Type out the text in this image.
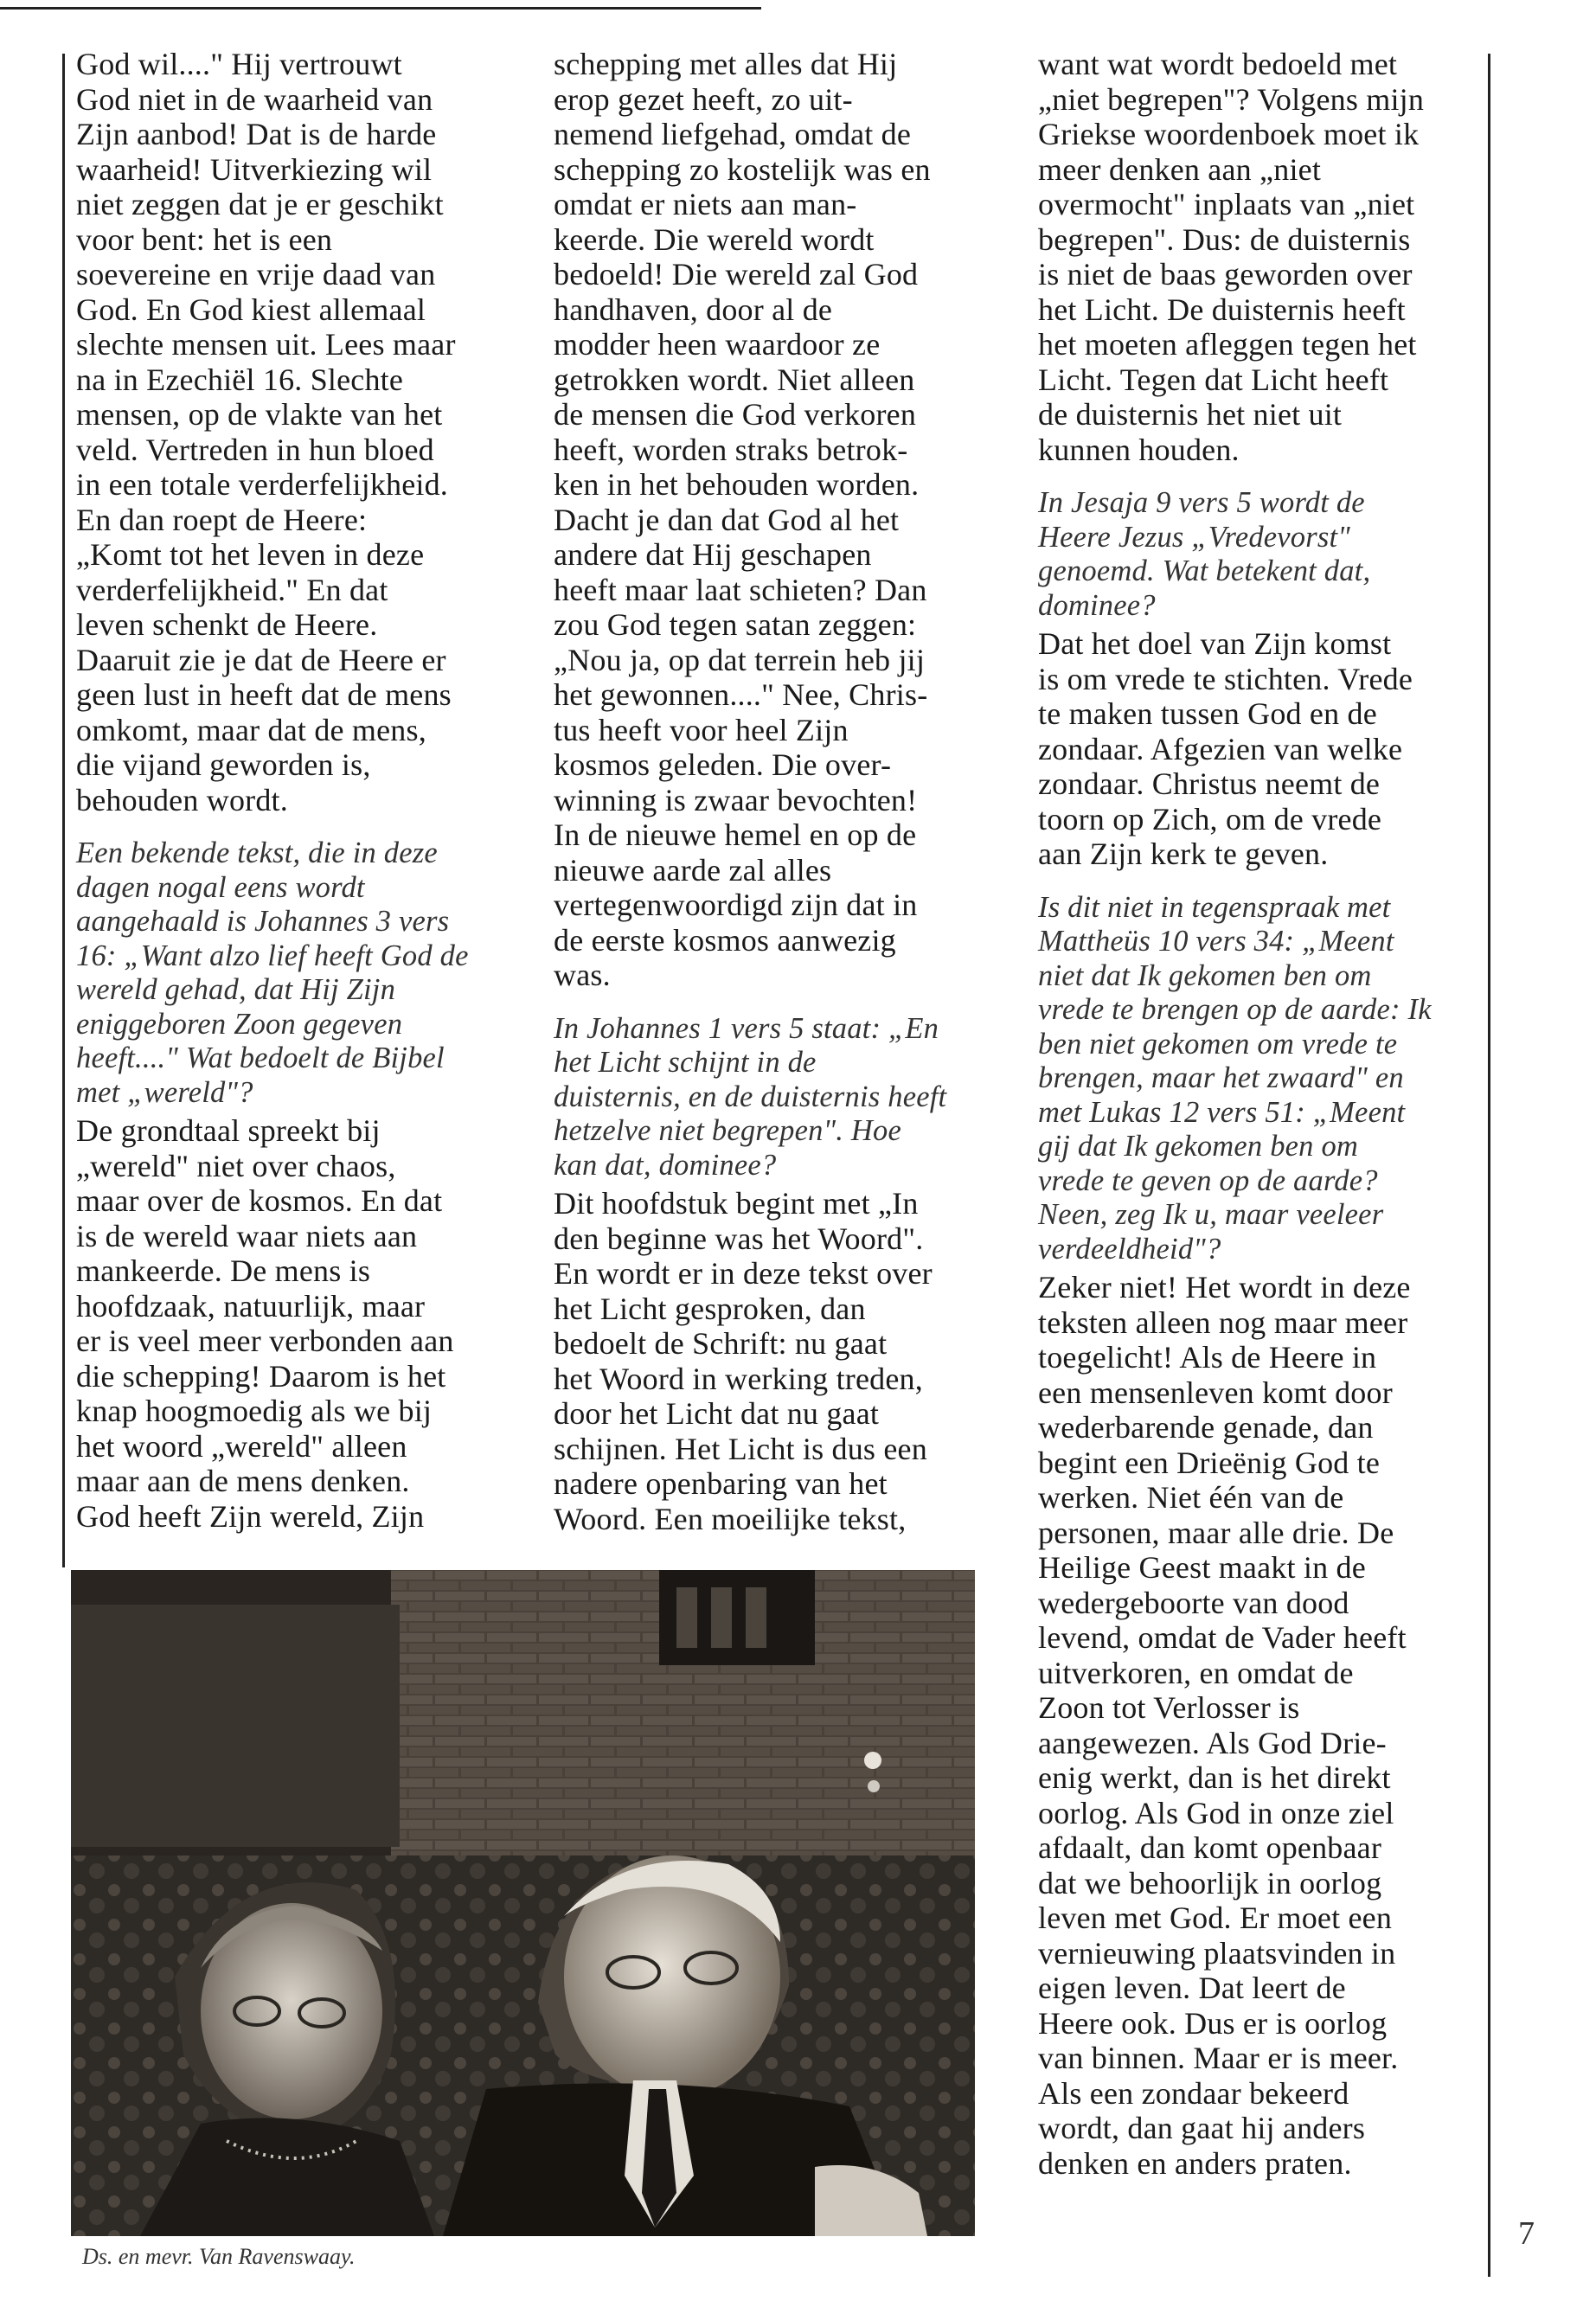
God wil...." Hij vertrouwt
God niet in de waarheid van
Zijn aanbod! Dat is de harde
waarheid! Uitverkiezing wil
niet zeggen dat je er geschikt
voor bent: het is een
soevereine en vrije daad van
God. En God kiest allemaal
slechte mensen uit. Lees maar
na in Ezechiël 16. Slechte
mensen, op de vlakte van het
veld. Vertreden in hun bloed
in een totale verderfelijkheid.
En dan roept de Heere:
„Komt tot het leven in deze
verderfelijkheid." En dat
leven schenkt de Heere.
Daaruit zie je dat de Heere er
geen lust in heeft dat de mens
omkomt, maar dat de mens,
die vijand geworden is,
behouden wordt.

Een bekende tekst, die in deze
dagen nogal eens wordt
aangehaald is Johannes 3 vers
16: „Want alzo lief heeft God de
wereld gehad, dat Hij Zijn
eniggeboren Zoon gegeven
heeft...." Wat bedoelt de Bijbel
met „wereld"?

De grondtaal spreekt bij
„wereld" niet over chaos,
maar over de kosmos. En dat
is de wereld waar niets aan
mankeerde. De mens is
hoofdzaak, natuurlijk, maar
er is veel meer verbonden aan
die schepping! Daarom is het
knap hoogmoedig als we bij
het woord „wereld" alleen
maar aan de mens denken.
God heeft Zijn wereld, Zijn

schepping met alles dat Hij
erop gezet heeft, zo uit-
nemend liefgehad, omdat de
schepping zo kostelijk was en
omdat er niets aan man-
keerde. Die wereld wordt
bedoeld! Die wereld zal God
handhaven, door al de
modder heen waardoor ze
getrokken wordt. Niet alleen
de mensen die God verkoren
heeft, worden straks betrok-
ken in het behouden worden.
Dacht je dan dat God al het
andere dat Hij geschapen
heeft maar laat schieten? Dan
zou God tegen satan zeggen:
„Nou ja, op dat terrein heb jij
het gewonnen...." Nee, Chris-
tus heeft voor heel Zijn
kosmos geleden. Die over-
winning is zwaar bevochten!
In de nieuwe hemel en op de
nieuwe aarde zal alles
vertegenwoordigd zijn dat in
de eerste kosmos aanwezig
was.

In Johannes 1 vers 5 staat: „En
het Licht schijnt in de
duisternis, en de duisternis heeft
hetzelve niet begrepen". Hoe
kan dat, dominee?

Dit hoofdstuk begint met „In
den beginne was het Woord".
En wordt er in deze tekst over
het Licht gesproken, dan
bedoelt de Schrift: nu gaat
het Woord in werking treden,
door het Licht dat nu gaat
schijnen. Het Licht is dus een
nadere openbaring van het
Woord. Een moeilijke tekst,

want wat wordt bedoeld met
„niet begrepen"? Volgens mijn
Griekse woordenboek moet ik
meer denken aan „niet
overmocht" inplaats van „niet
begrepen". Dus: de duisternis
is niet de baas geworden over
het Licht. De duisternis heeft
het moeten afleggen tegen het
Licht. Tegen dat Licht heeft
de duisternis het niet uit
kunnen houden.

In Jesaja 9 vers 5 wordt de
Heere Jezus „Vredevorst"
genoemd. Wat betekent dat,
dominee?

Dat het doel van Zijn komst
is om vrede te stichten. Vrede
te maken tussen God en de
zondaar. Afgezien van welke
zondaar. Christus neemt de
toorn op Zich, om de vrede
aan Zijn kerk te geven.

Is dit niet in tegenspraak met
Mattheüs 10 vers 34: „Meent
niet dat Ik gekomen ben om
vrede te brengen op de aarde: Ik
ben niet gekomen om vrede te
brengen, maar het zwaard" en
met Lukas 12 vers 51: „Meent
gij dat Ik gekomen ben om
vrede te geven op de aarde?
Neen, zeg Ik u, maar veeleer
verdeeldheid"?

Zeker niet! Het wordt in deze
teksten alleen nog maar meer
toegelicht! Als de Heere in
een mensenleven komt door
wederbarende genade, dan
begint een Drieënig God te
werken. Niet één van de
personen, maar alle drie. De
Heilige Geest maakt in de
wedergeboorte van dood
levend, omdat de Vader heeft
uitverkoren, en omdat de
Zoon tot Verlosser is
aangewezen. Als God Drie-
enig werkt, dan is het direkt
oorlog. Als God in onze ziel
afdaalt, dan komt openbaar
dat we behoorlijk in oorlog
leven met God. Er moet een
vernieuwing plaatsvinden in
eigen leven. Dat leert de
Heere ook. Dus er is oorlog
van binnen. Maar er is meer.
Als een zondaar bekeerd
wordt, dan gaat hij anders
denken en anders praten.

Ds. en mevr. Van Ravenswaay.
7
